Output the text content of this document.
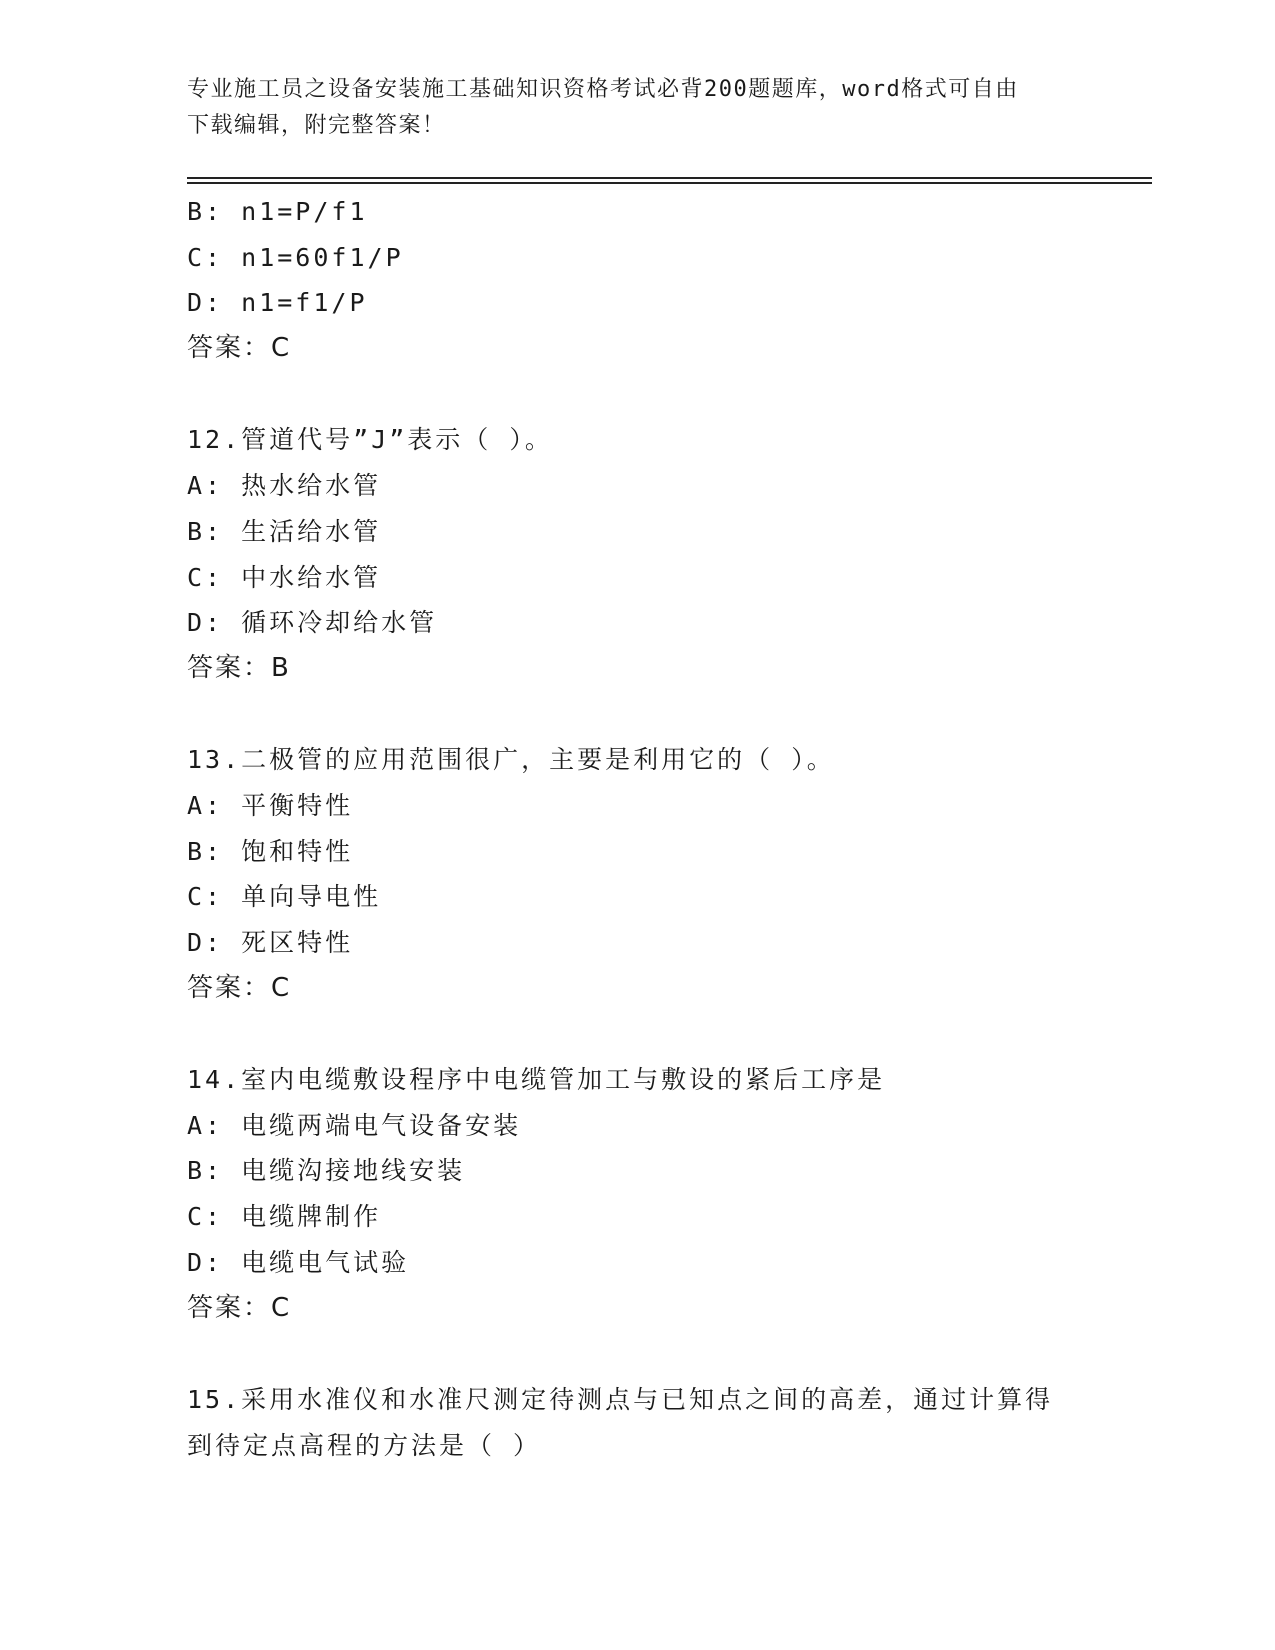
专业施工员之设备安装施工基础知识资格考试必背200题题库，word格式可自由
下载编辑，附完整答案！
B: n1=P/f1
C: n1=60f1/P
D: n1=f1/P
答案：C
12.管道代号”J”表示（ ）。
A: 热水给水管
B: 生活给水管
C: 中水给水管
D: 循环冷却给水管
答案：B
13.二极管的应用范围很广，主要是利用它的（ ）。
A: 平衡特性
B: 饱和特性
C: 单向导电性
D: 死区特性
答案：C
14.室内电缆敷设程序中电缆管加工与敷设的紧后工序是
A: 电缆两端电气设备安装
B: 电缆沟接地线安装
C: 电缆牌制作
D: 电缆电气试验
答案：C
15.采用水准仪和水准尺测定待测点与已知点之间的高差，通过计算得
到待定点高程的方法是（ ）
